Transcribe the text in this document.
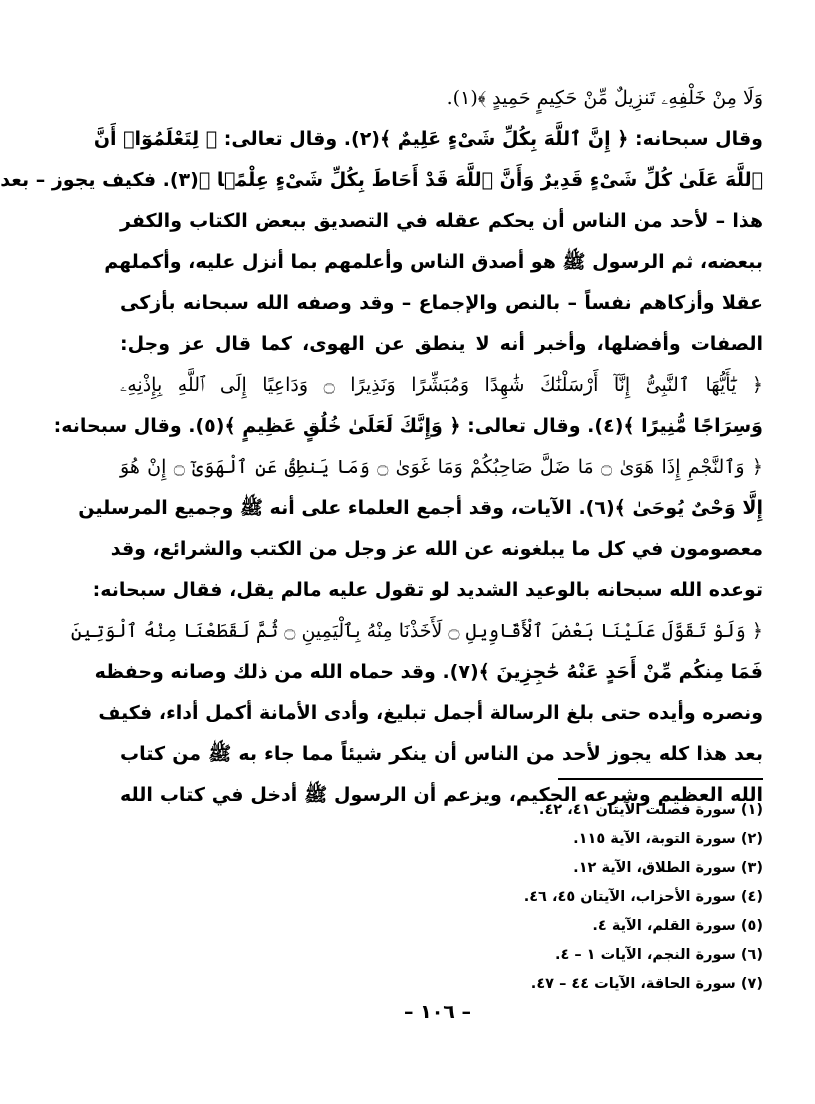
وَلَا مِنْ خَلْفِهِۦ تَنزِيلٌ مِّنْ حَكِيمٍ حَمِيدٍ ﴾(١).
وقال سبحانه: ﴿ إِنَّ ٱللَّهَ بِكُلِّ شَىْءٍ عَلِيمٌ ﴾(٢). وقال تعالى: ﴿ لِتَعْلَمُوٓا۟ أَنَّ
ٱللَّهَ عَلَىٰ كُلِّ شَىْءٍ قَدِيرٌ وَأَنَّ ٱللَّهَ قَدْ أَحَاطَ بِكُلِّ شَىْءٍ عِلْمًۢا ﴾(٣). فكيف يجوز – بعد
هذا – لأحد من الناس أن يحكم عقله في التصديق ببعض الكتاب والكفر
ببعضه، ثم الرسول ﷺ هو أصدق الناس وأعلمهم بما أنزل عليه، وأكملهم
عقلا وأزكاهم نفساً – بالنص والإجماع – وقد وصفه الله سبحانه بأزكى
الصفات وأفضلها، وأخبر أنه لا ينطق عن الهوى، كما قال عز وجل:
﴿ يَٰٓأَيُّهَا ٱلنَّبِىُّ إِنَّآ أَرْسَلْنَٰكَ شَٰهِدًا وَمُبَشِّرًا وَنَذِيرًا ۝ وَدَاعِيًا إِلَى ٱللَّهِ بِإِذْنِهِۦ
وَسِرَاجًا مُّنِيرًا ﴾(٤). وقال تعالى: ﴿ وَإِنَّكَ لَعَلَىٰ خُلُقٍ عَظِيمٍ ﴾(٥). وقال سبحانه:
﴿ وَٱلنَّجْمِ إِذَا هَوَىٰ ۝ مَا ضَلَّ صَاحِبُكُمْ وَمَا غَوَىٰ ۝ وَمَا يَنطِقُ عَنِ ٱلْهَوَىٰٓ ۝ إِنْ هُوَ
إِلَّا وَحْىٌ يُوحَىٰ ﴾(٦). الآيات، وقد أجمع العلماء على أنه ﷺ وجميع المرسلين
معصومون في كل ما يبلغونه عن الله عز وجل من الكتب والشرائع، وقد
توعده الله سبحانه بالوعيد الشديد لو تقول عليه مالم يقل، فقال سبحانه:
﴿ وَلَوْ تَقَوَّلَ عَلَيْنَا بَعْضَ ٱلْأَقَاوِيلِ ۝ لَأَخَذْنَا مِنْهُ بِٱلْيَمِينِ ۝ ثُمَّ لَقَطَعْنَا مِنْهُ ٱلْوَتِينَ
فَمَا مِنكُم مِّنْ أَحَدٍ عَنْهُ حَٰجِزِينَ ﴾(٧). وقد حماه الله من ذلك وصانه وحفظه
ونصره وأيده حتى بلغ الرسالة أجمل تبليغ، وأدى الأمانة أكمل أداء، فكيف
بعد هذا كله يجوز لأحد من الناس أن ينكر شيئاً مما جاء به ﷺ من كتاب
الله العظيم وشرعه الحكيم، ويزعم أن الرسول ﷺ أدخل في كتاب الله
(١) سورة فصلت الآيتان ٤١، ٤٢.
(٢) سورة التوبة، الآية ١١٥.
(٣) سورة الطلاق، الآية ١٢.
(٤) سورة الأحزاب، الآيتان ٤٥، ٤٦.
(٥) سورة القلم، الآية ٤.
(٦) سورة النجم، الآيات ١ – ٤.
(٧) سورة الحاقة، الآيات ٤٤ – ٤٧.
– ١٠٦ –
